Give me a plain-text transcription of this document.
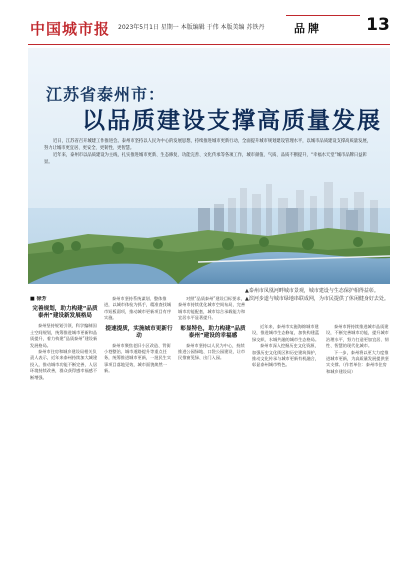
中国城市报 2023年5月1日 星期一 本版编辑 于伟 本版美编 苏铁丹	品牌	13
江苏省泰州市：
以品质建设支撑高质量发展

近日，江苏省召开城建工作推进会。泰州市坚持以人民为中心的发展思想，持续推进城市更新行动，全面提升城市规划建设管理水平，以城市品质建设支撑高质量发展，努力让城市更宜居、更安全、更韧性、更智慧。

近年来，泰州市以品质建设为主线，扎实推进城市更新、生态修复、功能完善、文化传承等各项工作，城市颜值、气质、品质不断提升，“幸福水天堂”城市品牌日益彰显。

▲泰州市凤凰河畔城市景观，城市建设与生态保护相得益彰。

▲滨河步道与城市绿地串联成网，为市民提供了休闲健身好去处。

■ 徐芳
完善规划，助力构建“品质泰州”建设新发展格局

泰州坚持规划引领，科学编制国土空间规划，统筹推进城市更新和品质提升，着力构建“品质泰州”建设新发展格局。

泰州市住房和城乡建设局相关负责人表示，近年来泰州持续加大城建投入，推动城市功能不断完善，人居环境持续改善，群众获得感幸福感不断增强。

泰州市坚持系统谋划、整体推进，以城市体检为抓手，精准查找城市短板弱项，推动城市更新项目有序实施。

提速提质，实施城市更新行动

泰州市聚焦老旧小区改造、背街小巷整治、城市道路提升等重点任务，统筹推进城市更新，一批民生实事项目落地见效，城市面貌焕然一新。

对照“品质泰州”建设目标要求，泰州市持续优化城市空间布局，完善城市功能配套，城市综合承载能力和宜居水平显著提升。

彰显特色，助力构建“品质泰州”建设的幸福感

泰州市坚持以人民为中心，持续推进公园绿地、口袋公园建设，让市民推窗见绿、出门入园。

近年来，泰州市实施海绵城市建设，推进城市生态修复，加快构建蓝绿交织、水城共融的城市生态格局。

泰州市深入挖掘历史文化资源，加强历史文化街区和历史建筑保护，推动文化传承与城市更新有机融合，彰显泰州城市特色。

泰州市将持续推进城市品质建设，不断完善城市功能，提升城市治理水平，努力打造更加宜居、韧性、智慧的现代化城市。

下一步，泰州将以更大力度推进城市更新，为高质量发展提供坚实支撑。（作者单位：泰州市住房和城乡建设局）
